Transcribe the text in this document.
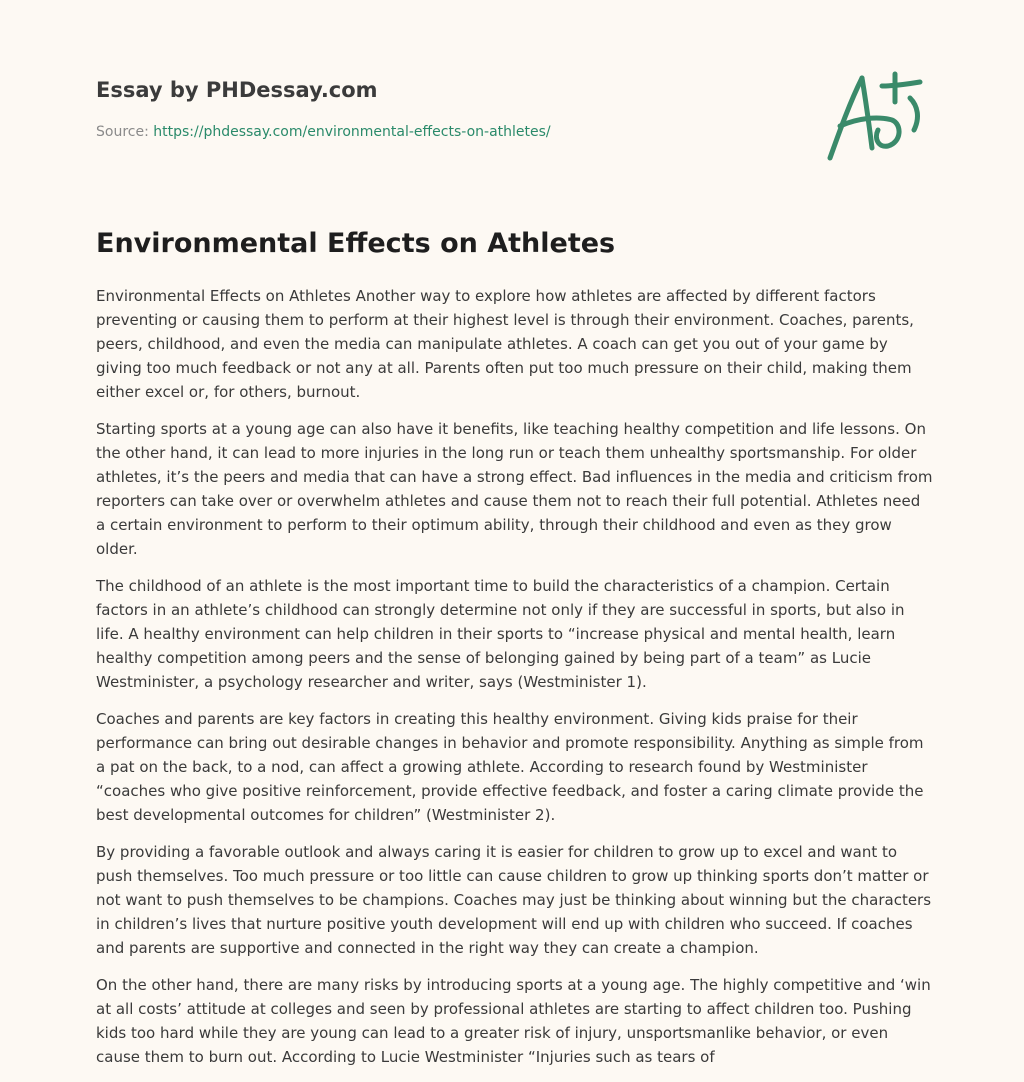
Essay by PHDessay.com
Source: https://phdessay.com/environmental-effects-on-athletes/
Environmental Effects on Athletes

Environmental Effects on Athletes Another way to explore how athletes are affected by different factors preventing or causing them to perform at their highest level is through their environment. Coaches, parents, peers, childhood, and even the media can manipulate athletes. A coach can get you out of your game by giving too much feedback or not any at all. Parents often put too much pressure on their child, making them either excel or, for others, burnout.

Starting sports at a young age can also have it benefits, like teaching healthy competition and life lessons. On the other hand, it can lead to more injuries in the long run or teach them unhealthy sportsmanship. For older athletes, it’s the peers and media that can have a strong effect. Bad influences in the media and criticism from reporters can take over or overwhelm athletes and cause them not to reach their full potential. Athletes need a certain environment to perform to their optimum ability, through their childhood and even as they grow older.

The childhood of an athlete is the most important time to build the characteristics of a champion. Certain factors in an athlete’s childhood can strongly determine not only if they are successful in sports, but also in life. A healthy environment can help children in their sports to “increase physical and mental health, learn healthy competition among peers and the sense of belonging gained by being part of a team” as Lucie Westminister, a psychology researcher and writer, says (Westminister 1).

Coaches and parents are key factors in creating this healthy environment. Giving kids praise for their performance can bring out desirable changes in behavior and promote responsibility. Anything as simple from a pat on the back, to a nod, can affect a growing athlete. According to research found by Westminister “coaches who give positive reinforcement, provide effective feedback, and foster a caring climate provide the best developmental outcomes for children” (Westminister 2).

By providing a favorable outlook and always caring it is easier for children to grow up to excel and want to push themselves. Too much pressure or too little can cause children to grow up thinking sports don’t matter or not want to push themselves to be champions. Coaches may just be thinking about winning but the characters in children’s lives that nurture positive youth development will end up with children who succeed. If coaches and parents are supportive and connected in the right way they can create a champion.

On the other hand, there are many risks by introducing sports at a young age. The highly competitive and ‘win at all costs’ attitude at colleges and seen by professional athletes are starting to affect children too. Pushing kids too hard while they are young can lead to a greater risk of injury, unsportsmanlike behavior, or even cause them to burn out. According to Lucie Westminister “Injuries such as tears of
